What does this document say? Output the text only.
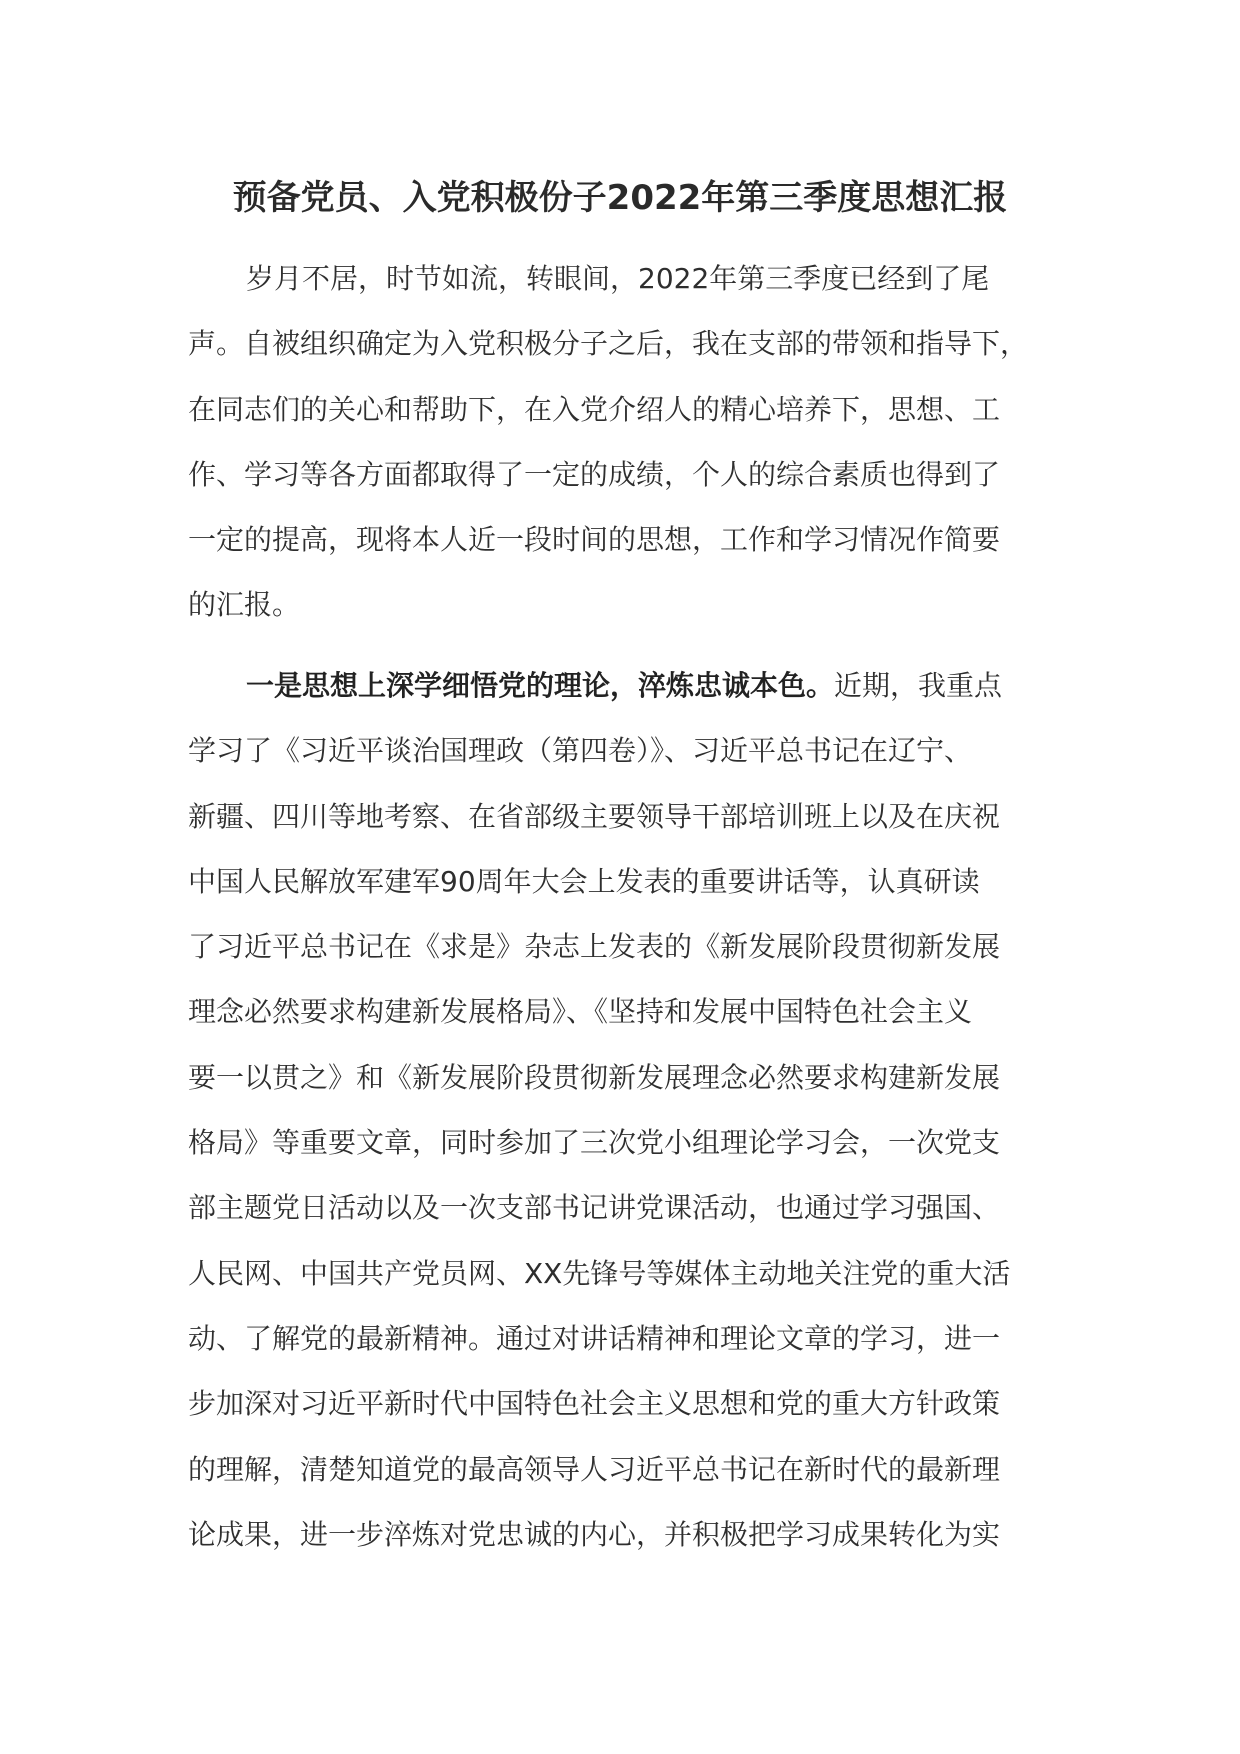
预备党员、入党积极份子2022年第三季度思想汇报
岁月不居，时节如流，转眼间，2022年第三季度已经到了尾
声。自被组织确定为入党积极分子之后，我在支部的带领和指导下，
在同志们的关心和帮助下，在入党介绍人的精心培养下，思想、工
作、学习等各方面都取得了一定的成绩，个人的综合素质也得到了
一定的提高，现将本人近一段时间的思想，工作和学习情况作简要
的汇报。
一是思想上深学细悟党的理论，淬炼忠诚本色。近期，我重点
学习了《习近平谈治国理政（第四卷）》、习近平总书记在辽宁、
新疆、四川等地考察、在省部级主要领导干部培训班上以及在庆祝
中国人民解放军建军90周年大会上发表的重要讲话等，认真研读
了习近平总书记在《求是》杂志上发表的《新发展阶段贯彻新发展
理念必然要求构建新发展格局》、《坚持和发展中国特色社会主义
要一以贯之》和《新发展阶段贯彻新发展理念必然要求构建新发展
格局》等重要文章，同时参加了三次党小组理论学习会，一次党支
部主题党日活动以及一次支部书记讲党课活动，也通过学习强国、
人民网、中国共产党员网、XX先锋号等媒体主动地关注党的重大活
动、了解党的最新精神。通过对讲话精神和理论文章的学习，进一
步加深对习近平新时代中国特色社会主义思想和党的重大方针政策
的理解，清楚知道党的最高领导人习近平总书记在新时代的最新理
论成果，进一步淬炼对党忠诚的内心，并积极把学习成果转化为实
